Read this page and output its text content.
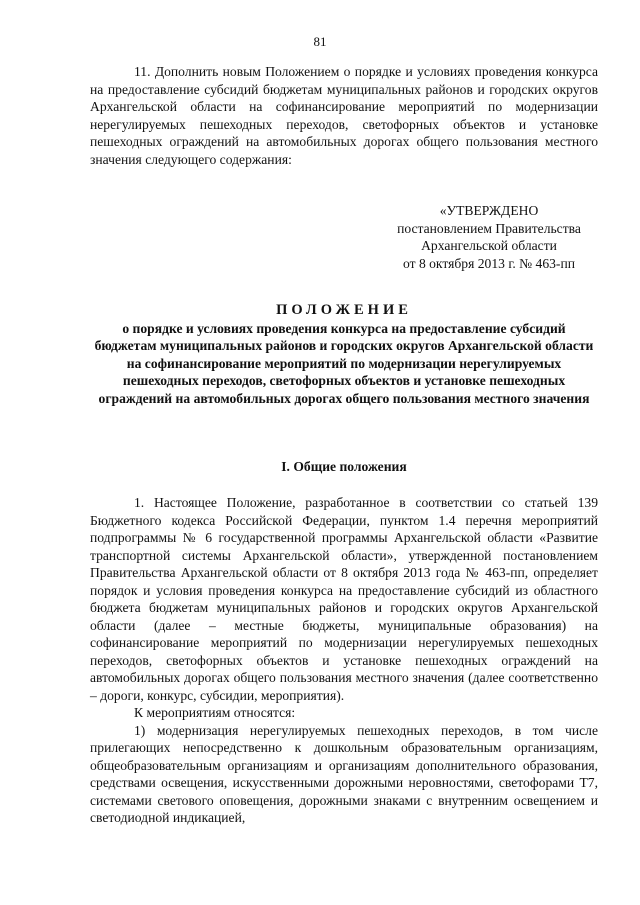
81

11. Дополнить новым Положением о порядке и условиях проведения конкурса на предоставление субсидий бюджетам муниципальных районов и городских округов Архангельской области на софинансирование мероприятий по модернизации нерегулируемых пешеходных переходов, светофорных объектов и установке пешеходных ограждений на автомобильных дорогах общего пользования местного значения следующего содержания:

«УТВЕРЖДЕНО
постановлением Правительства
Архангельской области
от 8 октября 2013 г. № 463-пп
ПОЛОЖЕНИЕ
о порядке и условиях проведения конкурса на предоставление субсидий бюджетам муниципальных районов и городских округов Архангельской области на софинансирование мероприятий по модернизации нерегулируемых пешеходных переходов, светофорных объектов и установке пешеходных ограждений на автомобильных дорогах общего пользования местного значения
I. Общие положения

1. Настоящее Положение, разработанное в соответствии со статьей 139 Бюджетного кодекса Российской Федерации, пунктом 1.4 перечня мероприятий подпрограммы № 6 государственной программы Архангельской области «Развитие транспортной системы Архангельской области», утвержденной постановлением Правительства Архангельской области от 8 октября 2013 года № 463-пп, определяет порядок и условия проведения конкурса на предоставление субсидий из областного бюджета бюджетам муниципальных районов и городских округов Архангельской области (далее – местные бюджеты, муниципальные образования) на софинансирование мероприятий по модернизации нерегулируемых пешеходных переходов, светофорных объектов и установке пешеходных ограждений на автомобильных дорогах общего пользования местного значения (далее соответственно – дороги, конкурс, субсидии, мероприятия).

К мероприятиям относятся:

1) модернизация нерегулируемых пешеходных переходов, в том числе прилегающих непосредственно к дошкольным образовательным организациям, общеобразовательным организациям и организациям дополнительного образования, средствами освещения, искусственными дорожными неровностями, светофорами Т7, системами светового оповещения, дорожными знаками с внутренним освещением и светодиодной индикацией,
